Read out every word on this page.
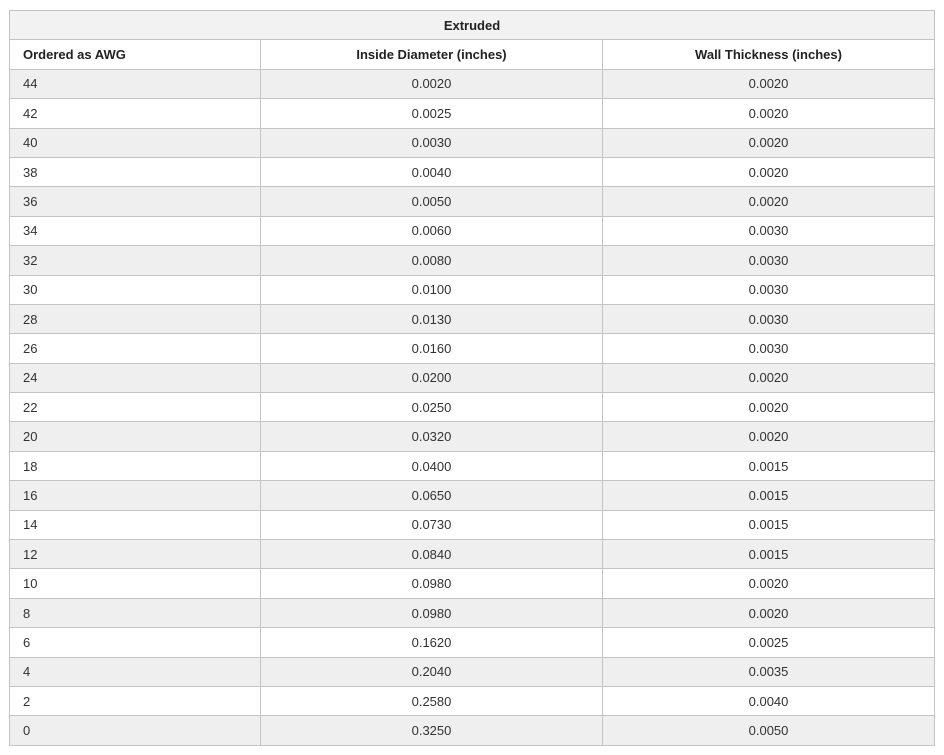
Extruded		
Ordered as AWG	Inside Diameter (inches)	Wall Thickness (inches)
44	0.0020	0.0020
42	0.0025	0.0020
40	0.0030	0.0020
38	0.0040	0.0020
36	0.0050	0.0020
34	0.0060	0.0030
32	0.0080	0.0030
30	0.0100	0.0030
28	0.0130	0.0030
26	0.0160	0.0030
24	0.0200	0.0020
22	0.0250	0.0020
20	0.0320	0.0020
18	0.0400	0.0015
16	0.0650	0.0015
14	0.0730	0.0015
12	0.0840	0.0015
10	0.0980	0.0020
8	0.0980	0.0020
6	0.1620	0.0025
4	0.2040	0.0035
2	0.2580	0.0040
0	0.3250	0.0050
